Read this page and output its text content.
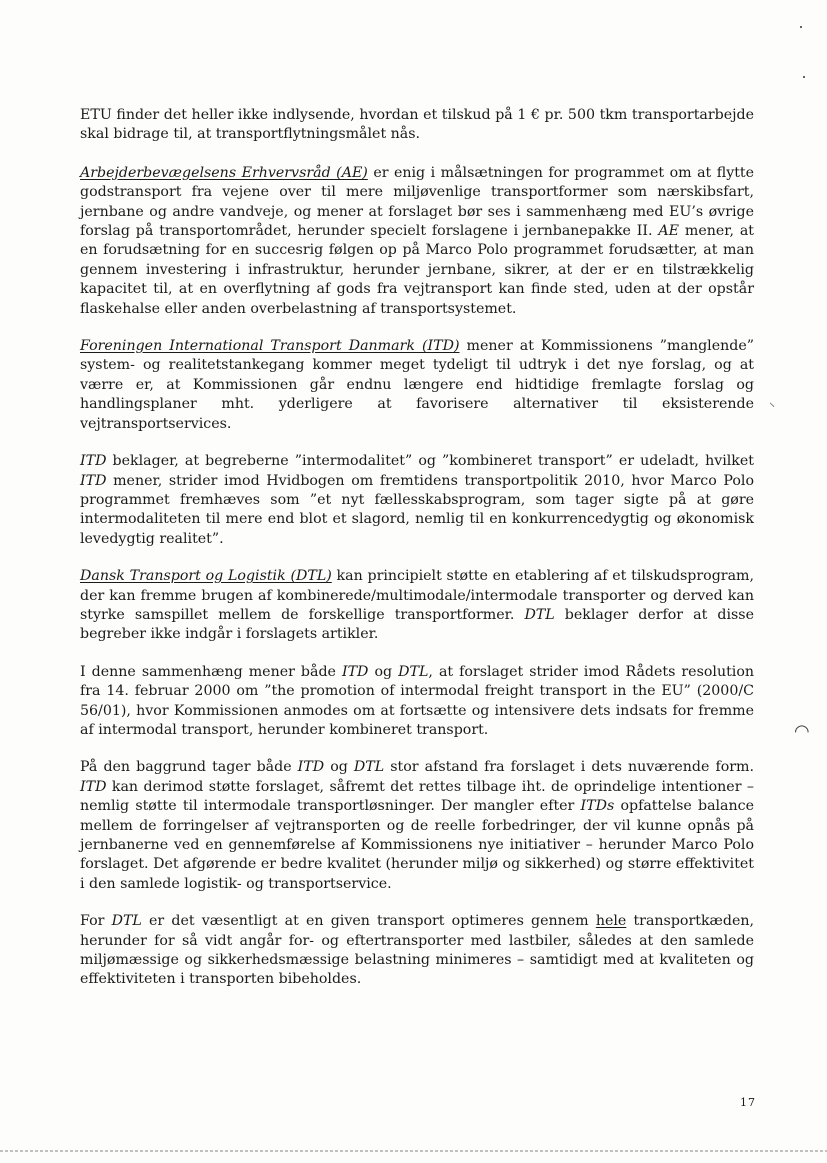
ETU finder det heller ikke indlysende, hvordan et tilskud på 1 € pr. 500 tkm transportarbejde skal bidrage til, at transportflytningsmålet nås.

Arbejderbevægelsens Erhvervsråd (AE) er enig i målsætningen for programmet om at flytte godstransport fra vejene over til mere miljøvenlige transportformer som nærskibsfart, jernbane og andre vandveje, og mener at forslaget bør ses i sammenhæng med EU’s øvrige forslag på transportområdet, herunder specielt forslagene i jernbanepakke II. AE mener, at en forudsætning for en succesrig følgen op på Marco Polo programmet forudsætter, at man gennem investering i infrastruktur, herunder jernbane, sikrer, at der er en tilstrækkelig kapacitet til, at en overflytning af gods fra vejtransport kan finde sted, uden at der opstår flaskehalse eller anden overbelastning af transportsystemet.

Foreningen International Transport Danmark (ITD) mener at Kommissionens ”manglende” system- og realitetstankegang kommer meget tydeligt til udtryk i det nye forslag, og at værre er, at Kommissionen går endnu længere end hidtidige fremlagte forslag og handlingsplaner mht. yderligere at favorisere alternativer til eksisterende vejtransportservices.

ITD beklager, at begreberne ”intermodalitet” og ”kombineret transport” er udeladt, hvilket ITD mener, strider imod Hvidbogen om fremtidens transportpolitik 2010, hvor Marco Polo programmet fremhæves som ”et nyt fællesskabsprogram, som tager sigte på at gøre intermodaliteten til mere end blot et slagord, nemlig til en konkurrencedygtig og økonomisk levedygtig realitet”.

Dansk Transport og Logistik (DTL) kan principielt støtte en etablering af et tilskudsprogram, der kan fremme brugen af kombinerede/multimodale/intermodale transporter og derved kan styrke samspillet mellem de forskellige transportformer. DTL beklager derfor at disse begreber ikke indgår i forslagets artikler.

I denne sammenhæng mener både ITD og DTL, at forslaget strider imod Rådets resolution fra 14. februar 2000 om ”the promotion of intermodal freight transport in the EU” (2000/C 56/01), hvor Kommissionen anmodes om at fortsætte og intensivere dets indsats for fremme af intermodal transport, herunder kombineret transport.

På den baggrund tager både ITD og DTL stor afstand fra forslaget i dets nuværende form. ITD kan derimod støtte forslaget, såfremt det rettes tilbage iht. de oprindelige intentioner – nemlig støtte til intermodale transportløsninger. Der mangler efter ITDs opfattelse balance mellem de forringelser af vejtransporten og de reelle forbedringer, der vil kunne opnås på jernbanerne ved en gennemførelse af Kommissionens nye initiativer – herunder Marco Polo forslaget. Det afgørende er bedre kvalitet (herunder miljø og sikkerhed) og større effektivitet i den samlede logistik- og transportservice.

For DTL er det væsentligt at en given transport optimeres gennem hele transportkæden, herunder for så vidt angår for- og eftertransporter med lastbiler, således at den samlede miljømæssige og sikkerhedsmæssige belastning minimeres – samtidigt med at kvaliteten og effektiviteten i transporten bibeholdes.

17
⸜
◠
